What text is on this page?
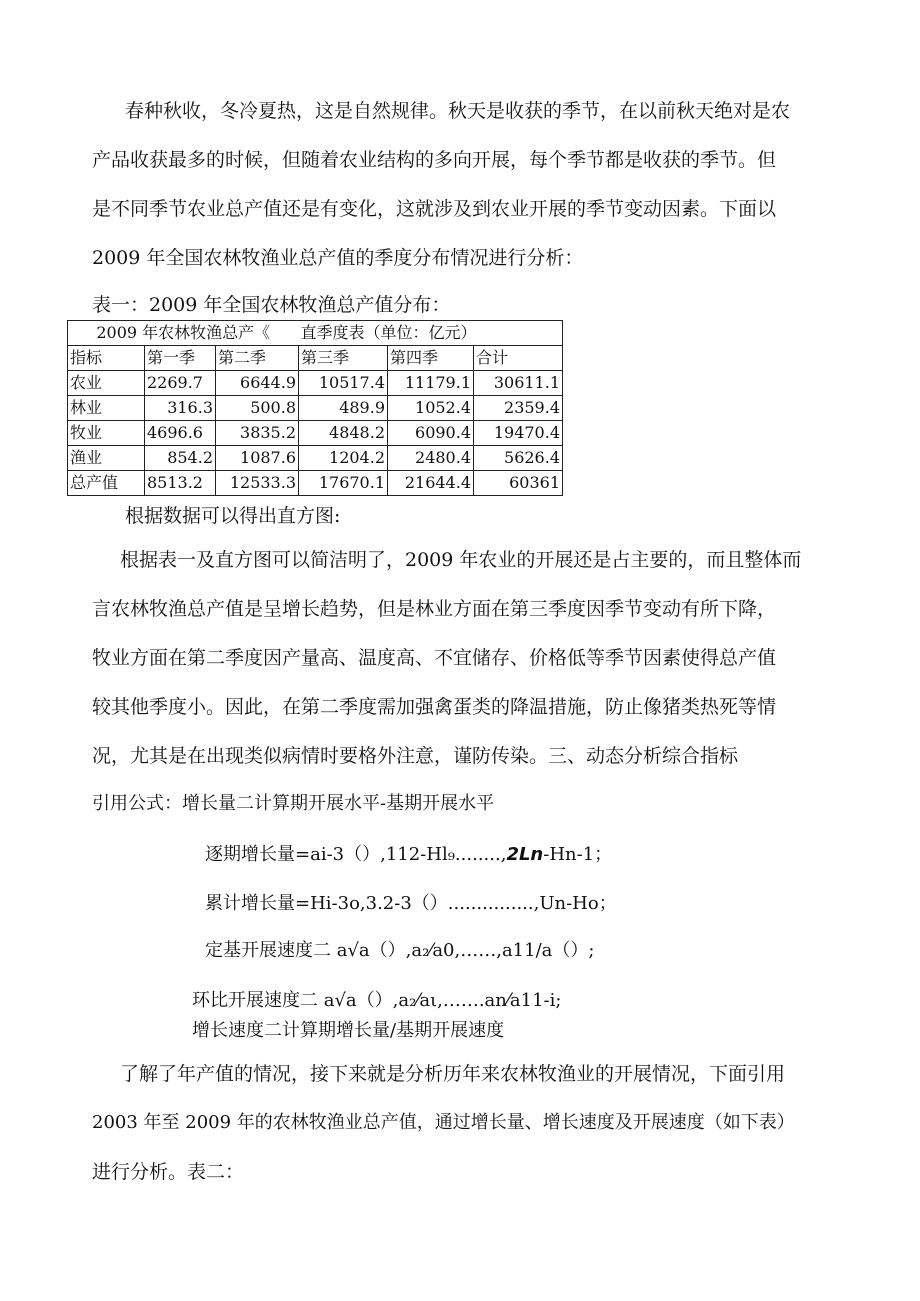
春种秋收，冬冷夏热，这是自然规律。秋天是收获的季节，在以前秋天绝对是农

产品收获最多的时候，但随着农业结构的多向开展，每个季节都是收获的季节。但

是不同季节农业总产值还是有变化，这就涉及到农业开展的季节变动因素。下面以

2009 年全国农林牧渔业总产值的季度分布情况进行分析：

表一：2009 年全国农林牧渔总产值分布：
2009 年农林牧渔总产《			直季度表（单位：亿元）		
指标	第一季	第二季	第三季	第四季	合计
农业	2269.7	6644.9	10517.4	11179.1	30611.1
林业	316.3	500.8	489.9	1052.4	2359.4
牧业	4696.6	3835.2	4848.2	6090.4	19470.4
渔业	854.2	1087.6	1204.2	2480.4	5626.4
总产值	8513.2	12533.3	17670.1	21644.4	60361

根据数据可以得出直方图:

根据表一及直方图可以简洁明了，2009 年农业的开展还是占主要的，而且整体而

言农林牧渔总产值是呈增长趋势，但是林业方面在第三季度因季节变动有所下降，

牧业方面在第二季度因产量高、温度高、不宜储存、价格低等季节因素使得总产值

较其他季度小。因此，在第二季度需加强禽蛋类的降温措施，防止像猪类热死等情

况，尤其是在出现类似病情时要格外注意，谨防传染。三、动态分析综合指标

引用公式：增长量二计算期开展水平-基期开展水平

逐期增长量=ai-3（）,112-Hl₉........,2Ln-Hn-1；

累计增长量=Hi-3o,3.2-3（）...............,Un-Ho；

定基开展速度二 a√a（）,a₂⁄a0,……,a11/a（）;

环比开展速度二 a√a（）,a₂⁄aι,…….an⁄a11-i;

增长速度二计算期增长量/基期开展速度

了解了年产值的情况，接下来就是分析历年来农林牧渔业的开展情况，下面引用

2003 年至 2009 年的农林牧渔业总产值，通过增长量、增长速度及开展速度（如下表）

进行分析。表二：
